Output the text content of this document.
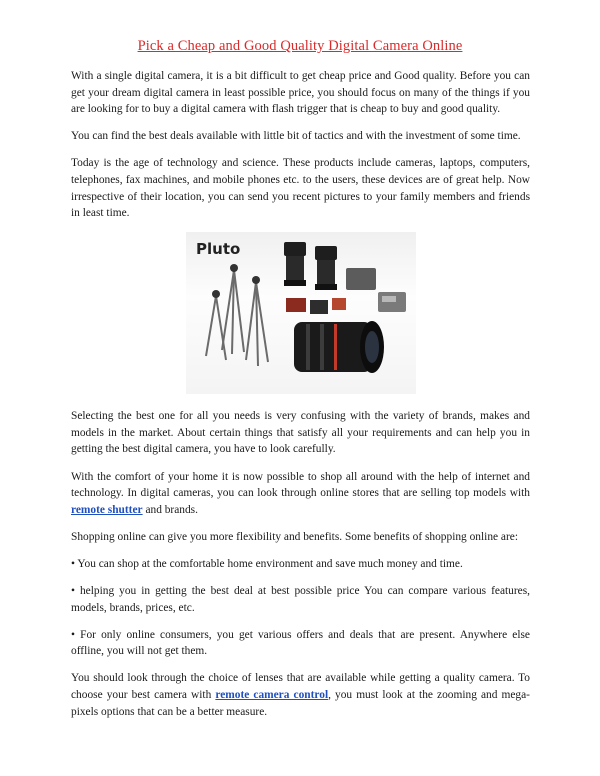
Pick a Cheap and Good Quality Digital Camera Online

With a single digital camera, it is a bit difficult to get cheap price and Good quality. Before you can get your dream digital camera in least possible price, you should focus on many of the things if you are looking for to buy a digital camera with flash trigger that is cheap to buy and good quality.

You can find the best deals available with little bit of tactics and with the investment of some time.

Today is the age of technology and science. These products include cameras, laptops, computers, telephones, fax machines, and mobile phones etc. to the users, these devices are of great help. Now irrespective of their location, you can send you recent pictures to your family members and friends in least time.

Pluto

Selecting the best one for all you needs is very confusing with the variety of brands, makes and models in the market. About certain things that satisfy all your requirements and can help you in getting the best digital camera, you have to look carefully.

With the comfort of your home it is now possible to shop all around with the help of internet and technology. In digital cameras, you can look through online stores that are selling top models with remote shutter and brands.

Shopping online can give you more flexibility and benefits. Some benefits of shopping online are:

• You can shop at the comfortable home environment and save much money and time.

• helping you in getting the best deal at best possible price You can compare various features, models, brands, prices, etc.

• For only online consumers, you get various offers and deals that are present. Anywhere else offline, you will not get them.

You should look through the choice of lenses that are available while getting a quality camera. To choose your best camera with remote camera control, you must look at the zooming and mega-pixels options that can be a better measure.
